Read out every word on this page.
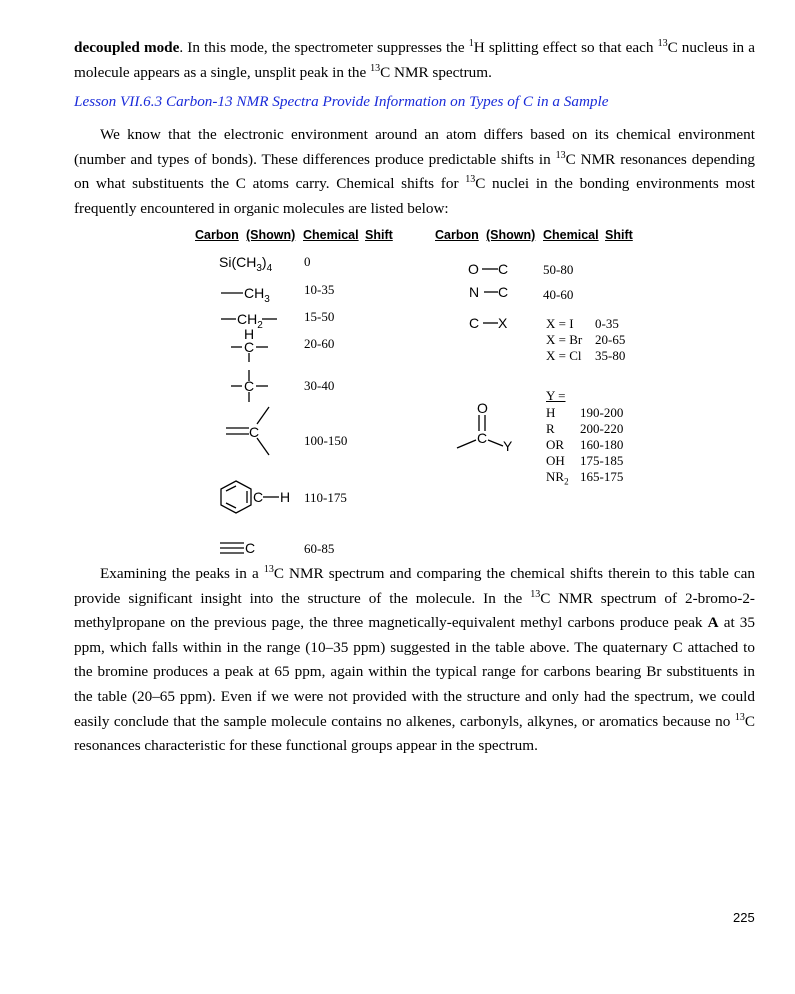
decoupled mode. In this mode, the spectrometer suppresses the $^1$H splitting effect so that each $^{13}$C nucleus in a molecule appears as a single, unsplit peak in the $^{13}$C NMR spectrum.

Lesson VII.6.3 Carbon-13 NMR Spectra Provide Information on Types of C in a Sample

We know that the electronic environment around an atom differs based on its chemical environment (number and types of bonds). These differences produce predictable shifts in $^{13}$C NMR resonances depending on what substituents the C atoms carry. Chemical shifts for $^{13}$C nuclei in the bonding environments most frequently encountered in organic molecules are listed below:

Carbon (Shown) Chemical Shift	Carbon (Shown) Chemical Shift
$Si(CH_3)_4$
$CH_3$
$CH_2$
H
C
C
C
C H
C
0
10-35
15-50
20-60
30-40
100-150
110-175
60-85
O C
N C
C X
O
C Y
50-80
40-60
X = I 0-35
X = Br 20-65
X = Cl 35-80
Y =
H 190-200
R 200-220
OR 160-180
OH 175-185
$NR_2$ 165-175

Examining the peaks in a $^{13}$C NMR spectrum and comparing the chemical shifts therein to this table can provide significant insight into the structure of the molecule. In the $^{13}$C NMR spectrum of 2-bromo-2-methylpropane on the previous page, the three magnetically-equivalent methyl carbons produce peak A at 35 ppm, which falls within in the range (10–35 ppm) suggested in the table above. The quaternary C attached to the bromine produces a peak at 65 ppm, again within the typical range for carbons bearing Br substituents in the table (20–65 ppm). Even if we were not provided with the structure and only had the spectrum, we could easily conclude that the sample molecule contains no alkenes, carbonyls, alkynes, or aromatics because no $^{13}$C resonances characteristic for these functional groups appear in the spectrum.

225
